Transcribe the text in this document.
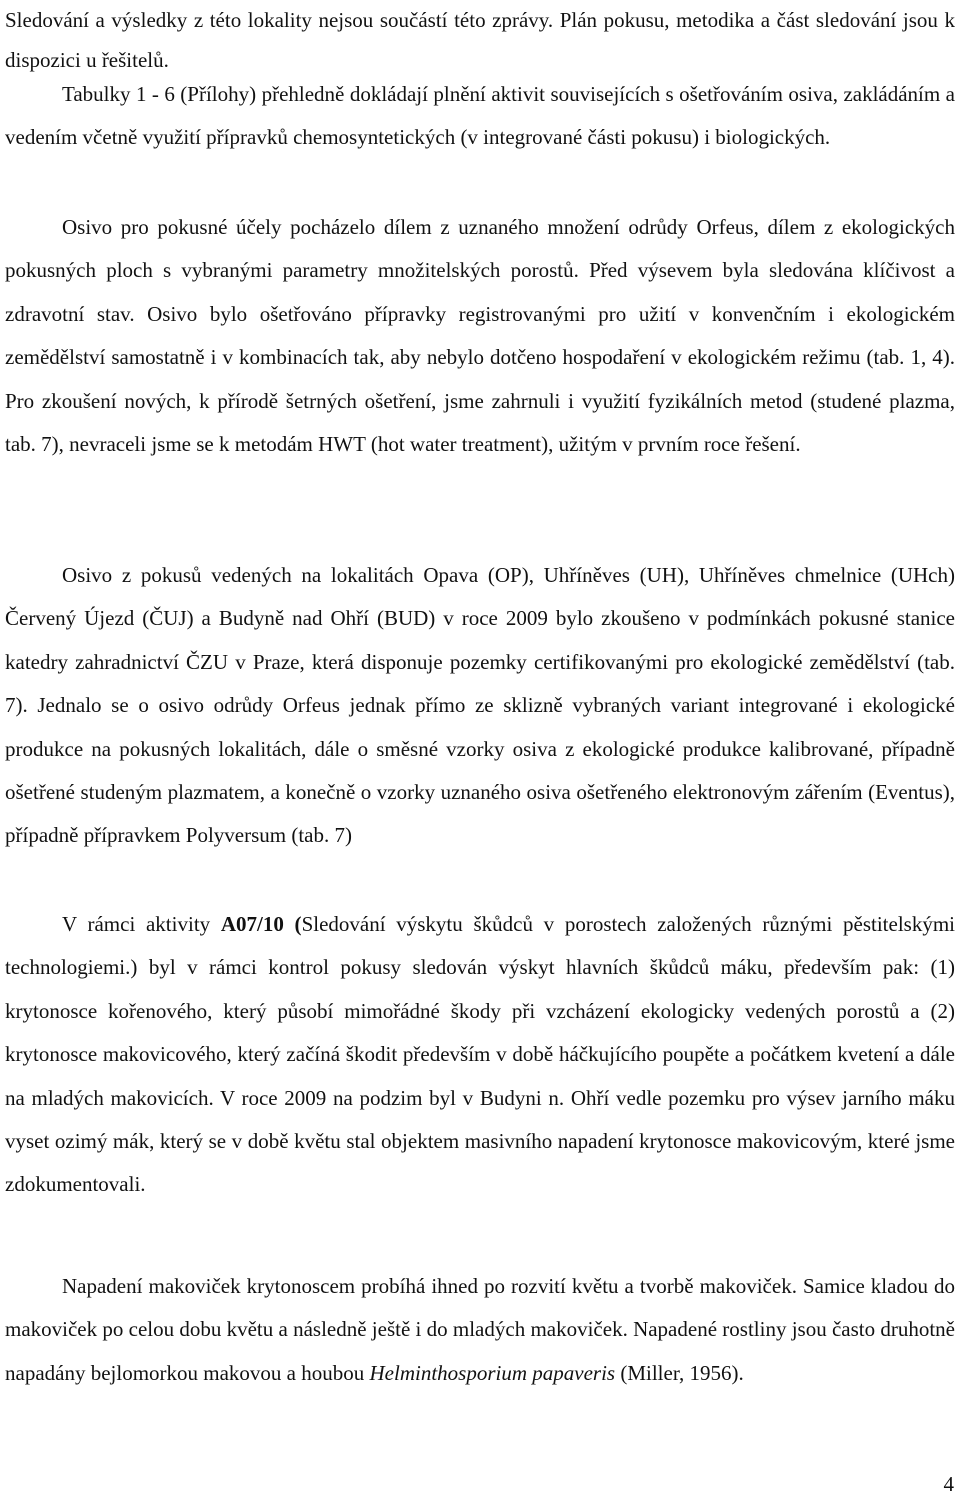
Sledování a výsledky z této lokality nejsou součástí této zprávy. Plán pokusu, metodika a část sledování jsou k dispozici u řešitelů.

Tabulky 1 - 6 (Přílohy) přehledně dokládají plnění aktivit souvisejících s ošetřováním osiva, zakládáním a vedením včetně využití přípravků chemosyntetických (v integrované části pokusu) i biologických.

Osivo pro pokusné účely pocházelo dílem z uznaného množení odrůdy Orfeus, dílem z ekologických pokusných ploch s vybranými parametry množitelských porostů. Před výsevem byla sledována klíčivost a zdravotní stav. Osivo bylo ošetřováno přípravky registrovanými pro užití v konvenčním i ekologickém zemědělství samostatně i v kombinacích tak, aby nebylo dotčeno hospodaření v ekologickém režimu (tab. 1, 4). Pro zkoušení nových, k přírodě šetrných ošetření, jsme zahrnuli i využití fyzikálních metod (studené plazma, tab. 7), nevraceli jsme se k metodám HWT (hot water treatment), užitým v prvním roce řešení.

Osivo z pokusů vedených na lokalitách Opava (OP), Uhříněves (UH), Uhříněves chmelnice (UHch) Červený Újezd (ČUJ) a Budyně nad Ohří (BUD) v roce 2009 bylo zkoušeno v podmínkách pokusné stanice katedry zahradnictví ČZU v Praze, která disponuje pozemky certifikovanými pro ekologické zemědělství (tab. 7). Jednalo se o osivo odrůdy Orfeus jednak přímo ze sklizně vybraných variant integrované i ekologické produkce na pokusných lokalitách, dále o směsné vzorky osiva z ekologické produkce kalibrované, případně ošetřené studeným plazmatem, a konečně o vzorky uznaného osiva ošetřeného elektronovým zářením (Eventus), případně přípravkem Polyversum (tab. 7)

V rámci aktivity A07/10 (Sledování výskytu škůdců v porostech založených různými pěstitelskými technologiemi.) byl v rámci kontrol pokusy sledován výskyt hlavních škůdců máku, především pak: (1) krytonosce kořenového, který působí mimořádné škody při vzcházení ekologicky vedených porostů a (2) krytonosce makovicového, který začíná škodit především v době háčkujícího poupěte a počátkem kvetení a dále na mladých makovicích. V roce 2009 na podzim byl v Budyni n. Ohří vedle pozemku pro výsev jarního máku vyset ozimý mák, který se v době květu stal objektem masivního napadení krytonosce makovicovým, které jsme zdokumentovali.

Napadení makoviček krytonoscem probíhá ihned po rozvití květu a tvorbě makoviček. Samice kladou do makoviček po celou dobu květu a následně ještě i do mladých makoviček. Napadené rostliny jsou často druhotně napadány bejlomorkou makovou a houbou Helminthosporium papaveris (Miller, 1956).

4
